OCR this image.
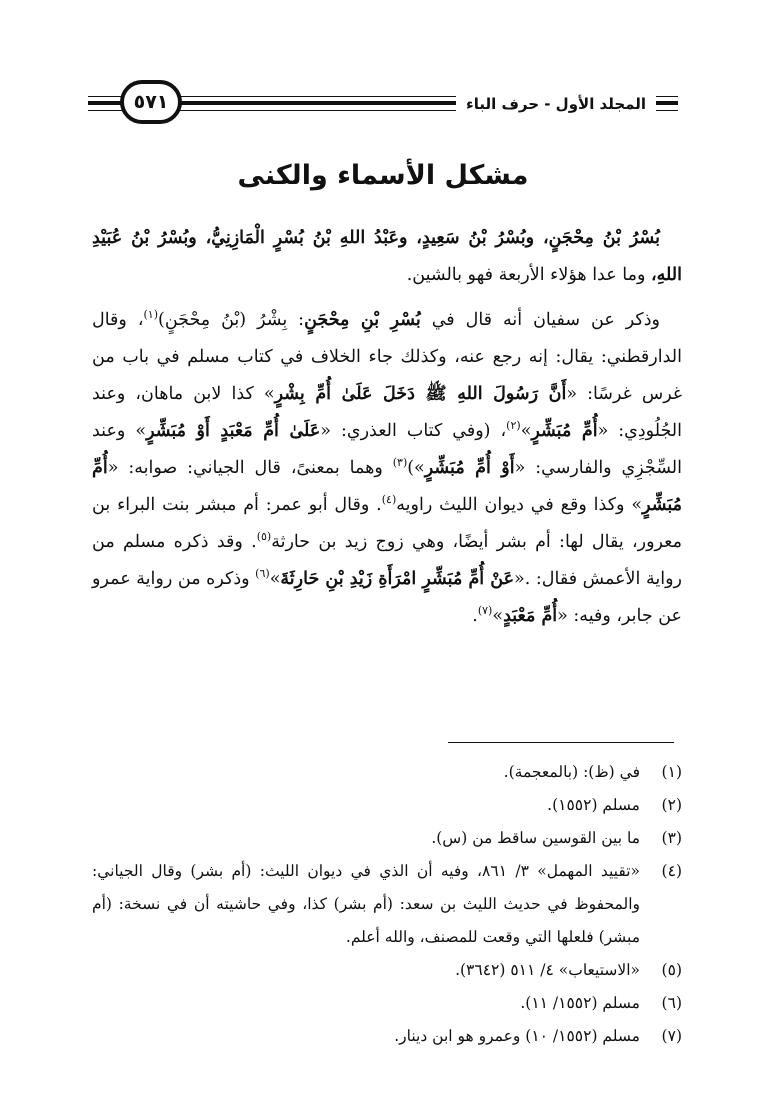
المجلد الأول - حرف الباء
٥٧١
مشكل الأسماء والكنى

بُسْرُ بْنُ مِحْجَنٍ، وبُسْرُ بْنُ سَعِيدٍ، وعَبْدُ اللهِ بْنُ بُسْرٍ الْمَازِنِيُّ، وبُسْرُ بْنُ عُبَيْدِ اللهِ، وما عدا هؤلاء الأربعة فهو بالشين.

وذكر عن سفيان أنه قال في بُسْرِ بْنِ مِحْجَنٍ: بِشْرُ (بْنُ مِحْجَنٍ)$^{(١)}$، وقال الدارقطني: يقال: إنه رجع عنه، وكذلك جاء الخلاف في كتاب مسلم في باب من غرس غرسًا: «أَنَّ رَسُولَ اللهِ ﷺ دَخَلَ عَلَىٰ أُمِّ بِشْرٍ» كذا لابن ماهان، وعند الجُلُودِي: «أُمِّ مُبَشِّرٍ»$^{(٢)}$، (وفي كتاب العذري: «عَلَىٰ أُمِّ مَعْبَدٍ أَوْ مُبَشِّرٍ» وعند السِّجْزِي والفارسي: «أَوْ أُمِّ مُبَشِّرٍ»)$^{(٣)}$ وهما بمعنىً، قال الجياني: صوابه: «أُمِّ مُبَشِّرٍ» وكذا وقع في ديوان الليث راويه$^{(٤)}$. وقال أبو عمر: أم مبشر بنت البراء بن معرور، يقال لها: أم بشر أيضًا، وهي زوج زيد بن حارثة$^{(٥)}$. وقد ذكره مسلم من رواية الأعمش فقال: .«عَنْ أُمِّ مُبَشِّرٍ امْرَأَةِ زَيْدِ بْنِ حَارِثَةَ»$^{(٦)}$ وذكره من رواية عمرو عن جابر، وفيه: «أُمِّ مَعْبَدٍ»$^{(٧)}$.

(١)
في (ظ): (بالمعجمة).
(٢)
مسلم (١٥٥٢).
(٣)
ما بين القوسين ساقط من (س).
(٤)
«تقييد المهمل» ٣/ ٨٦١، وفيه أن الذي في ديوان الليث: (أم بشر) وقال الجياني: والمحفوظ في حديث الليث بن سعد: (أم بشر) كذا، وفي حاشيته أن في نسخة: (أم مبشر) فلعلها التي وقعت للمصنف، والله أعلم.
(٥)
«الاستيعاب» ٤/ ٥١١ (٣٦٤٢).
(٦)
مسلم (١٥٥٢/ ١١).
(٧)
مسلم (١٥٥٢/ ١٠) وعمرو هو ابن دينار.
